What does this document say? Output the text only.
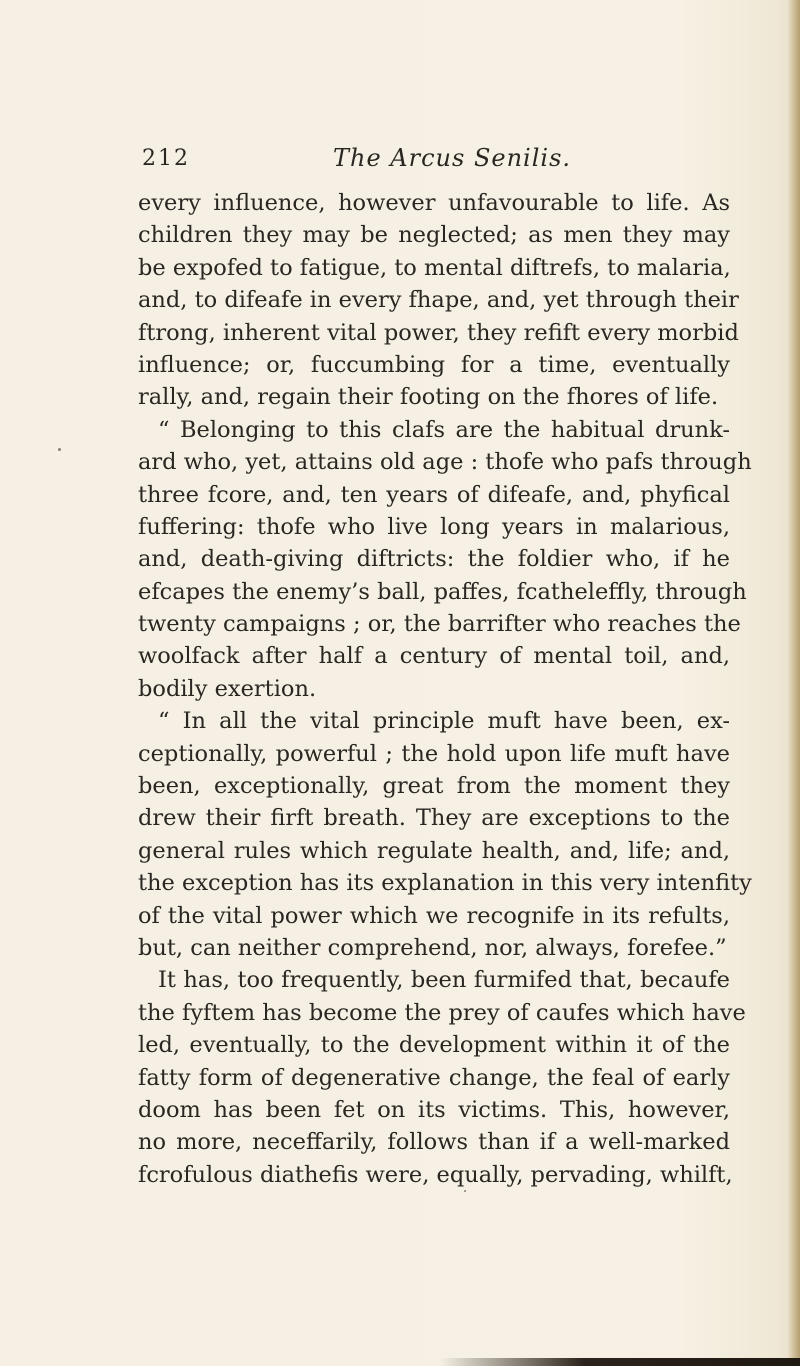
212	The Arcus Senilis.
every influence, however unfavourable to life. As
children they may be neglected; as men they may
be expofed to fatigue, to mental diftrefs, to malaria,
and, to difeafe in every fhape, and, yet through their
ftrong, inherent vital power, they refift every morbid
influence; or, fuccumbing for a time, eventually
rally, and, regain their footing on the fhores of life.
“ Belonging to this clafs are the habitual drunk-
ard who, yet, attains old age : thofe who pafs through
three fcore, and, ten years of difeafe, and, phyfical
fuffering: thofe who live long years in malarious,
and, death-giving diftricts: the foldier who, if he
efcapes the enemy’s ball, paffes, fcatheleffly, through
twenty campaigns ; or, the barrifter who reaches the
woolfack after half a century of mental toil, and,
bodily exertion.
“ In all the vital principle muft have been, ex-
ceptionally, powerful ; the hold upon life muft have
been, exceptionally, great from the moment they
drew their firft breath. They are exceptions to the
general rules which regulate health, and, life; and,
the exception has its explanation in this very intenfity
of the vital power which we recognife in its refults,
but, can neither comprehend, nor, always, forefee.”
It has, too frequently, been furmifed that, becaufe
the fyftem has become the prey of caufes which have
led, eventually, to the development within it of the
fatty form of degenerative change, the feal of early
doom has been fet on its victims. This, however,
no more, neceffarily, follows than if a well-marked
fcrofulous diathefis were, equally, pervading, whilft,
